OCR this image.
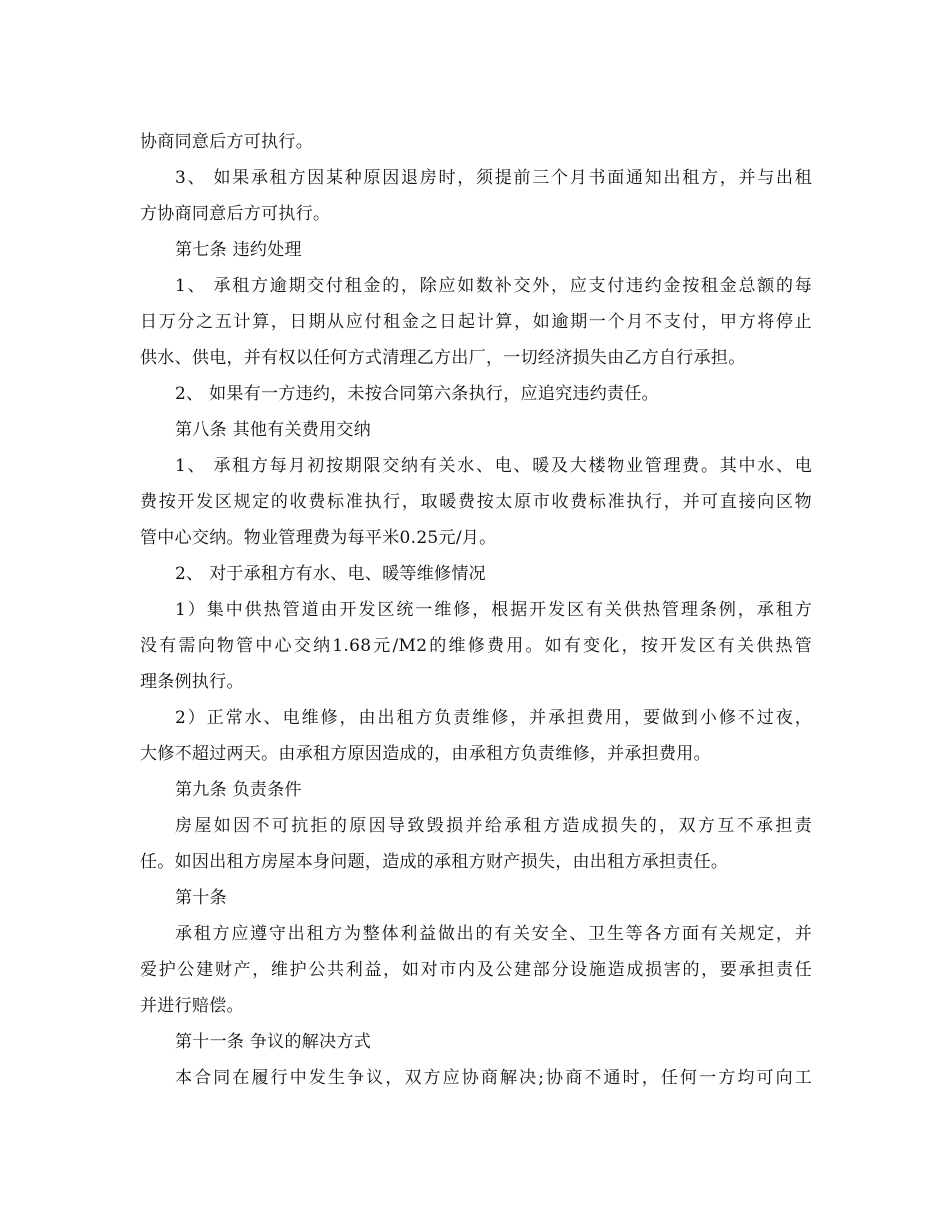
协商同意后方可执行。
3、 如果承租方因某种原因退房时，须提前三个月书面通知出租方，并与出租
方协商同意后方可执行。
第七条 违约处理
1、 承租方逾期交付租金的，除应如数补交外，应支付违约金按租金总额的每
日万分之五计算，日期从应付租金之日起计算，如逾期一个月不支付，甲方将停止
供水、供电，并有权以任何方式清理乙方出厂，一切经济损失由乙方自行承担。
2、 如果有一方违约，未按合同第六条执行，应追究违约责任。
第八条 其他有关费用交纳
1、 承租方每月初按期限交纳有关水、电、暖及大楼物业管理费。其中水、电
费按开发区规定的收费标准执行，取暖费按太原市收费标准执行，并可直接向区物
管中心交纳。物业管理费为每平米0.25元/月。
2、 对于承租方有水、电、暖等维修情况
1）集中供热管道由开发区统一维修，根据开发区有关供热管理条例，承租方
没有需向物管中心交纳1.68元/M2的维修费用。如有变化，按开发区有关供热管
理条例执行。
2）正常水、电维修，由出租方负责维修，并承担费用，要做到小修不过夜，
大修不超过两天。由承租方原因造成的，由承租方负责维修，并承担费用。
第九条 负责条件
房屋如因不可抗拒的原因导致毁损并给承租方造成损失的，双方互不承担责
任。如因出租方房屋本身问题，造成的承租方财产损失，由出租方承担责任。
第十条
承租方应遵守出租方为整体利益做出的有关安全、卫生等各方面有关规定，并
爱护公建财产，维护公共利益，如对市内及公建部分设施造成损害的，要承担责任
并进行赔偿。
第十一条 争议的解决方式
本合同在履行中发生争议，双方应协商解决;协商不通时，任何一方均可向工
